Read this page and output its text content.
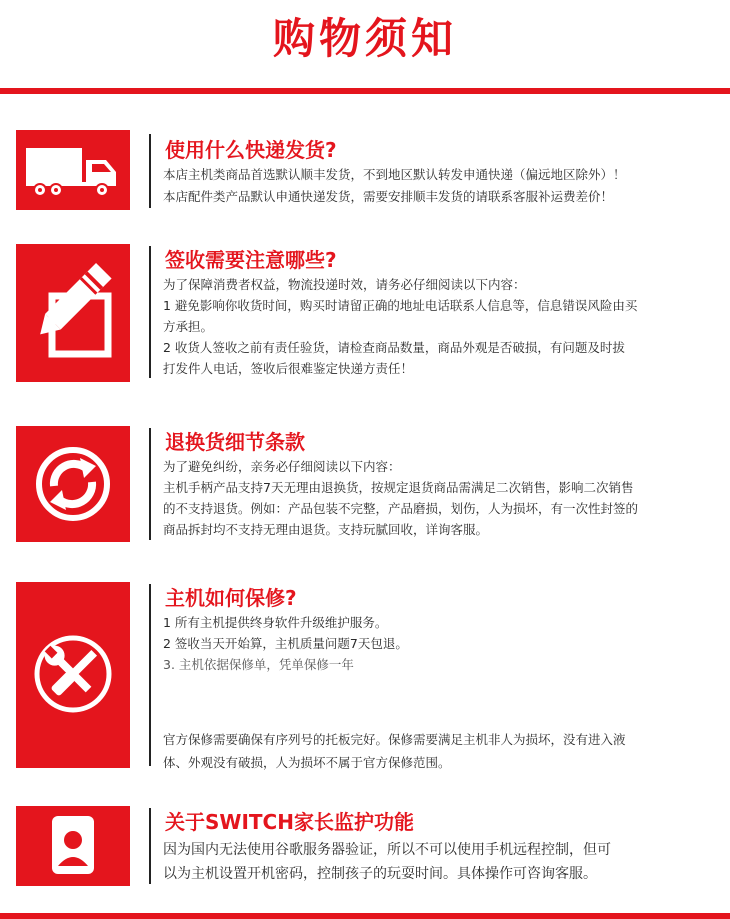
购物须知
使用什么快递发货?
本店主机类商品首选默认顺丰发货，不到地区默认转发申通快递（偏远地区除外）！
本店配件类产品默认申通快递发货，需要安排顺丰发货的请联系客服补运费差价！
签收需要注意哪些?
为了保障消费者权益，物流投递时效，请务必仔细阅读以下内容：
1 避免影响你收货时间，购买时请留正确的地址电话联系人信息等，信息错误风险由买
方承担。
2 收货人签收之前有责任验货，请检查商品数量，商品外观是否破损，有问题及时拔
打发件人电话，签收后很难鉴定快递方责任！
退换货细节条款
为了避免纠纷，亲务必仔细阅读以下内容：
主机手柄产品支持7天无理由退换货，按规定退货商品需满足二次销售，影响二次销售
的不支持退货。例如：产品包装不完整，产品磨损，划伤，人为损坏，有一次性封签的
商品拆封均不支持无理由退货。支持玩腻回收，详询客服。
主机如何保修?
1 所有主机提供终身软件升级维护服务。
2 签收当天开始算，主机质量问题7天包退。
3. 主机依据保修单，凭单保修一年
官方保修需要确保有序列号的托板完好。保修需要满足主机非人为损坏，没有进入液
体、外观没有破损，人为损坏不属于官方保修范围。
关于SWITCH家长监护功能
因为国内无法使用谷歌服务器验证，所以不可以使用手机远程控制，但可
以为主机设置开机密码，控制孩子的玩耍时间。具体操作可咨询客服。
